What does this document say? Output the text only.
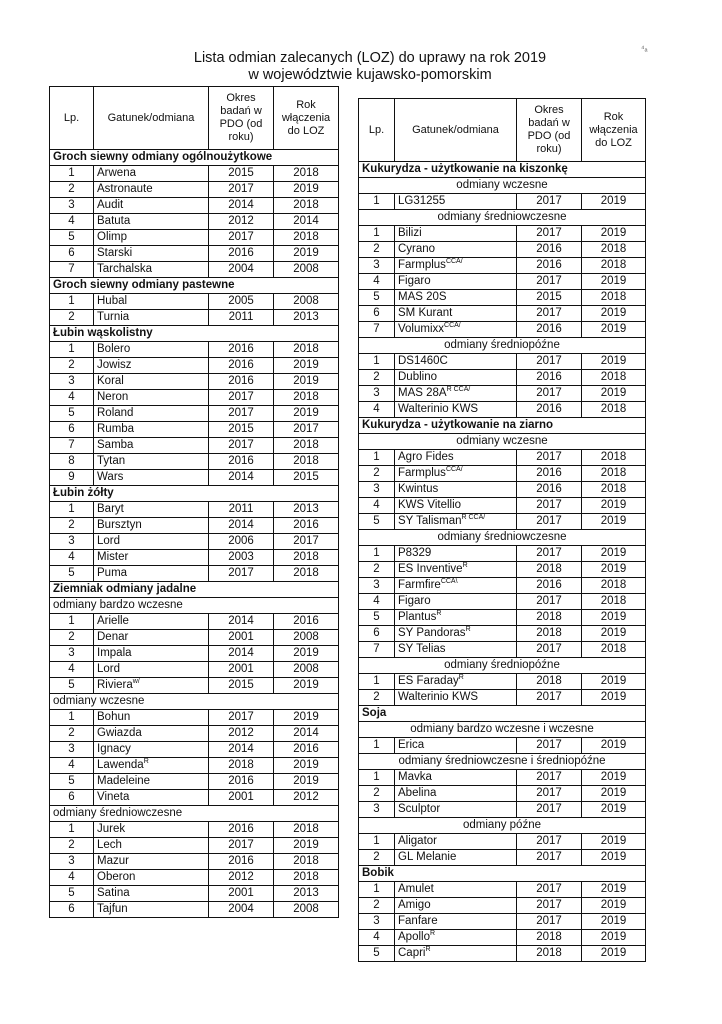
Lista odmian zalecanych (LOZ) do uprawy na rok 2019
w województwie kujawsko-pomorskim
⁴ₐ
Lp.	Gatunek/odmiana	Okres badań w PDO (od roku)	Rok włączenia do LOZ
Groch siewny odmiany ogólnoużytkowe			
1	Arwena	2015	2018
2	Astronaute	2017	2019
3	Audit	2014	2018
4	Batuta	2012	2014
5	Olimp	2017	2018
6	Starski	2016	2019
7	Tarchalska	2004	2008
Groch siewny odmiany pastewne			
1	Hubal	2005	2008
2	Turnia	2011	2013
Łubin wąskolistny			
1	Bolero	2016	2018
2	Jowisz	2016	2019
3	Koral	2016	2019
4	Neron	2017	2018
5	Roland	2017	2019
6	Rumba	2015	2017
7	Samba	2017	2018
8	Tytan	2016	2018
9	Wars	2014	2015
Łubin żółty			
1	Baryt	2011	2013
2	Bursztyn	2014	2016
3	Lord	2006	2017
4	Mister	2003	2018
5	Puma	2017	2018
Ziemniak odmiany jadalne			
odmiany bardzo wczesne			
1	Arielle	2014	2016
2	Denar	2001	2008
3	Impala	2014	2019
4	Lord	2001	2008
5	Riviera$^{w/}$	2015	2019
odmiany wczesne			
1	Bohun	2017	2019
2	Gwiazda	2012	2014
3	Ignacy	2014	2016
4	Lawenda$^R$	2018	2019
5	Madeleine	2016	2019
6	Vineta	2001	2012
odmiany średniowczesne			
1	Jurek	2016	2018
2	Lech	2017	2019
3	Mazur	2016	2018
4	Oberon	2012	2018
5	Satina	2001	2013
6	Tajfun	2004	2008
Lp.	Gatunek/odmiana	Okres badań w PDO (od roku)	Rok włączenia do LOZ
Kukurydza - użytkowanie na kiszonkę			
odmiany wczesne			
1	LG31255	2017	2019
odmiany średniowczesne			
1	Bilizi	2017	2019
2	Cyrano	2016	2018
3	Farmplus$^{CCA/}$	2016	2018
4	Figaro	2017	2019
5	MAS 20S	2015	2018
6	SM Kurant	2017	2019
7	Volumixx$^{CCA/}$	2016	2019
odmiany średniopóźne			
1	DS1460C	2017	2019
2	Dublino	2016	2018
3	MAS $28A^{R CCA/}$	2017	2019
4	Walterinio KWS	2016	2018
Kukurydza - użytkowanie na ziarno			
odmiany wczesne			
1	Agro Fides	2017	2018
2	Farmplus$^{CCA/}$	2016	2018
3	Kwintus	2016	2018
4	KWS Vitellio	2017	2019
5	SY Talisman$^{R CCA/}$	2017	2019
odmiany średniowczesne			
1	P8329	2017	2019
2	ES Inventive$^R$	2018	2019
3	Farmfire$^{CCA\backslash}$	2016	2018
4	Figaro	2017	2018
5	Plantus$^R$	2018	2019
6	SY Pandoras$^R$	2018	2019
7	SY Telias	2017	2018
odmiany średniopóźne			
1	ES Faraday$^R$	2018	2019
2	Walterinio KWS	2017	2019
Soja			
odmiany bardzo wczesne i wczesne			
1	Erica	2017	2019
odmiany średniowczesne i średniopóźne			
1	Mavka	2017	2019
2	Abelina	2017	2019
3	Sculptor	2017	2019
odmiany późne			
1	Aligator	2017	2019
2	GL Melanie	2017	2019
Bobik			
1	Amulet	2017	2019
2	Amigo	2017	2019
3	Fanfare	2017	2019
4	Apollo$^R$	2018	2019
5	Capri$^R$	2018	2019
